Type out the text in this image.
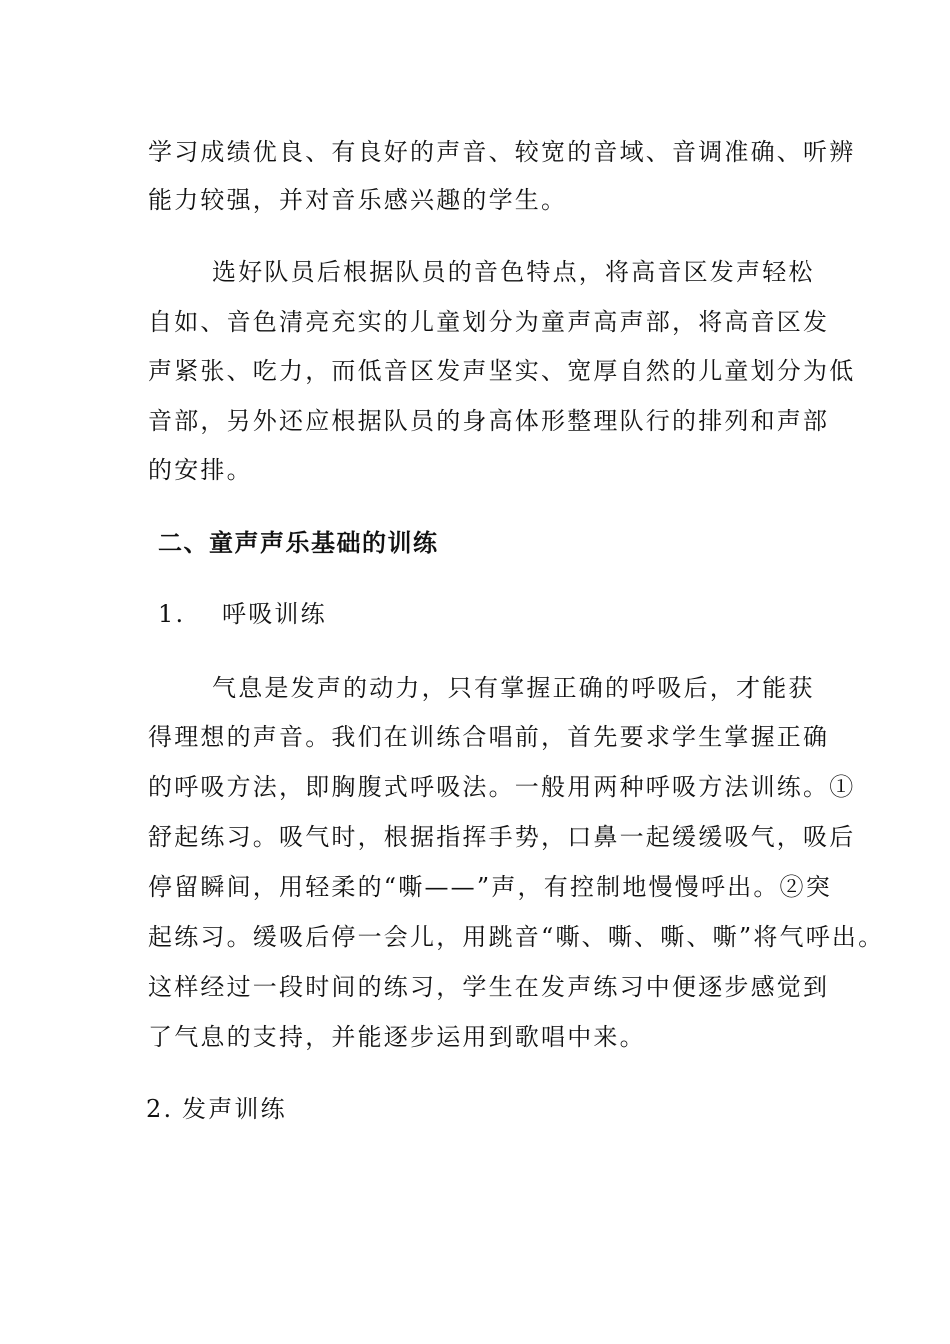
学习成绩优良、有良好的声音、较宽的音域、音调准确、听辨
能力较强，并对音乐感兴趣的学生。
选好队员后根据队员的音色特点，将高音区发声轻松
自如、音色清亮充实的儿童划分为童声高声部，将高音区发
声紧张、吃力，而低音区发声坚实、宽厚自然的儿童划分为低
音部，另外还应根据队员的身高体形整理队行的排列和声部
的安排。
二、童声声乐基础的训练
1. 呼吸训练
气息是发声的动力，只有掌握正确的呼吸后，才能获
得理想的声音。我们在训练合唱前，首先要求学生掌握正确
的呼吸方法，即胸腹式呼吸法。一般用两种呼吸方法训练。①
舒起练习。吸气时，根据指挥手势，口鼻一起缓缓吸气，吸后
停留瞬间，用轻柔的“嘶——”声，有控制地慢慢呼出。②突
起练习。缓吸后停一会儿，用跳音“嘶、嘶、嘶、嘶”将气呼出。
这样经过一段时间的练习，学生在发声练习中便逐步感觉到
了气息的支持，并能逐步运用到歌唱中来。
2. 发声训练
